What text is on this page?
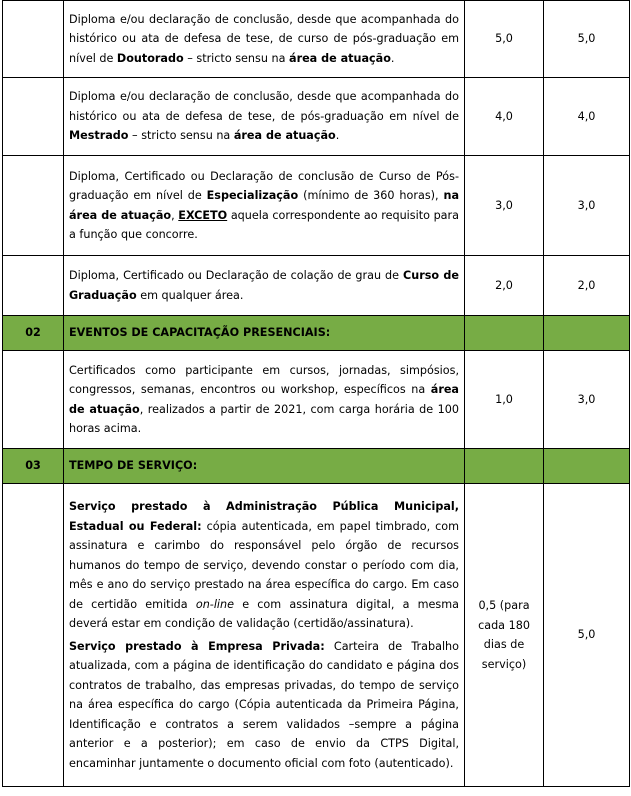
	Diploma e/ou declaração de conclusão, desde que acompanhada do histórico ou ata de defesa de tese, de curso de pós-graduação em nível de Doutorado – stricto sensu na área de atuação.	5,0	5,0
	Diploma e/ou declaração de conclusão, desde que acompanhada do histórico ou ata de defesa de tese, de pós-graduação em nível de Mestrado – stricto sensu na área de atuação.	4,0	4,0
	Diploma, Certificado ou Declaração de conclusão de Curso de Pós-graduação em nível de Especialização (mínimo de 360 horas), na área de atuação, EXCETO aquela correspondente ao requisito para a função que concorre.	3,0	3,0
	Diploma, Certificado ou Declaração de colação de grau de Curso de Graduação em qualquer área.	2,0	2,0
02	EVENTOS DE CAPACITAÇÃO PRESENCIAIS:		
	Certificados como participante em cursos, jornadas, simpósios, congressos, semanas, encontros ou workshop, específicos na área de atuação, realizados a partir de 2021, com carga horária de 100 horas acima.	1,0	3,0
03	TEMPO DE SERVIÇO:		

	Serviço prestado à Administração Pública Municipal, Estadual ou Federal: cópia autenticada, em papel timbrado, com assinatura e carimbo do responsável pelo órgão de recursos humanos do tempo de serviço, devendo constar o período com dia, mês e ano do serviço prestado na área específica do cargo. Em caso de certidão emitida on-line e com assinatura digital, a mesma deverá estar em condição de validação (certidão/assinatura).

Serviço prestado à Empresa Privada: Carteira de Trabalho atualizada, com a página de identificação do candidato e página dos contratos de trabalho, das empresas privadas, do tempo de serviço na área específica do cargo (Cópia autenticada da Primeira Página, Identificação e contratos a serem validados –sempre a página anterior e a posterior); em caso de envio da CTPS Digital, encaminhar juntamente o documento oficial com foto (autenticado).	0,5 (para cada 180 dias de serviço)	5,0
